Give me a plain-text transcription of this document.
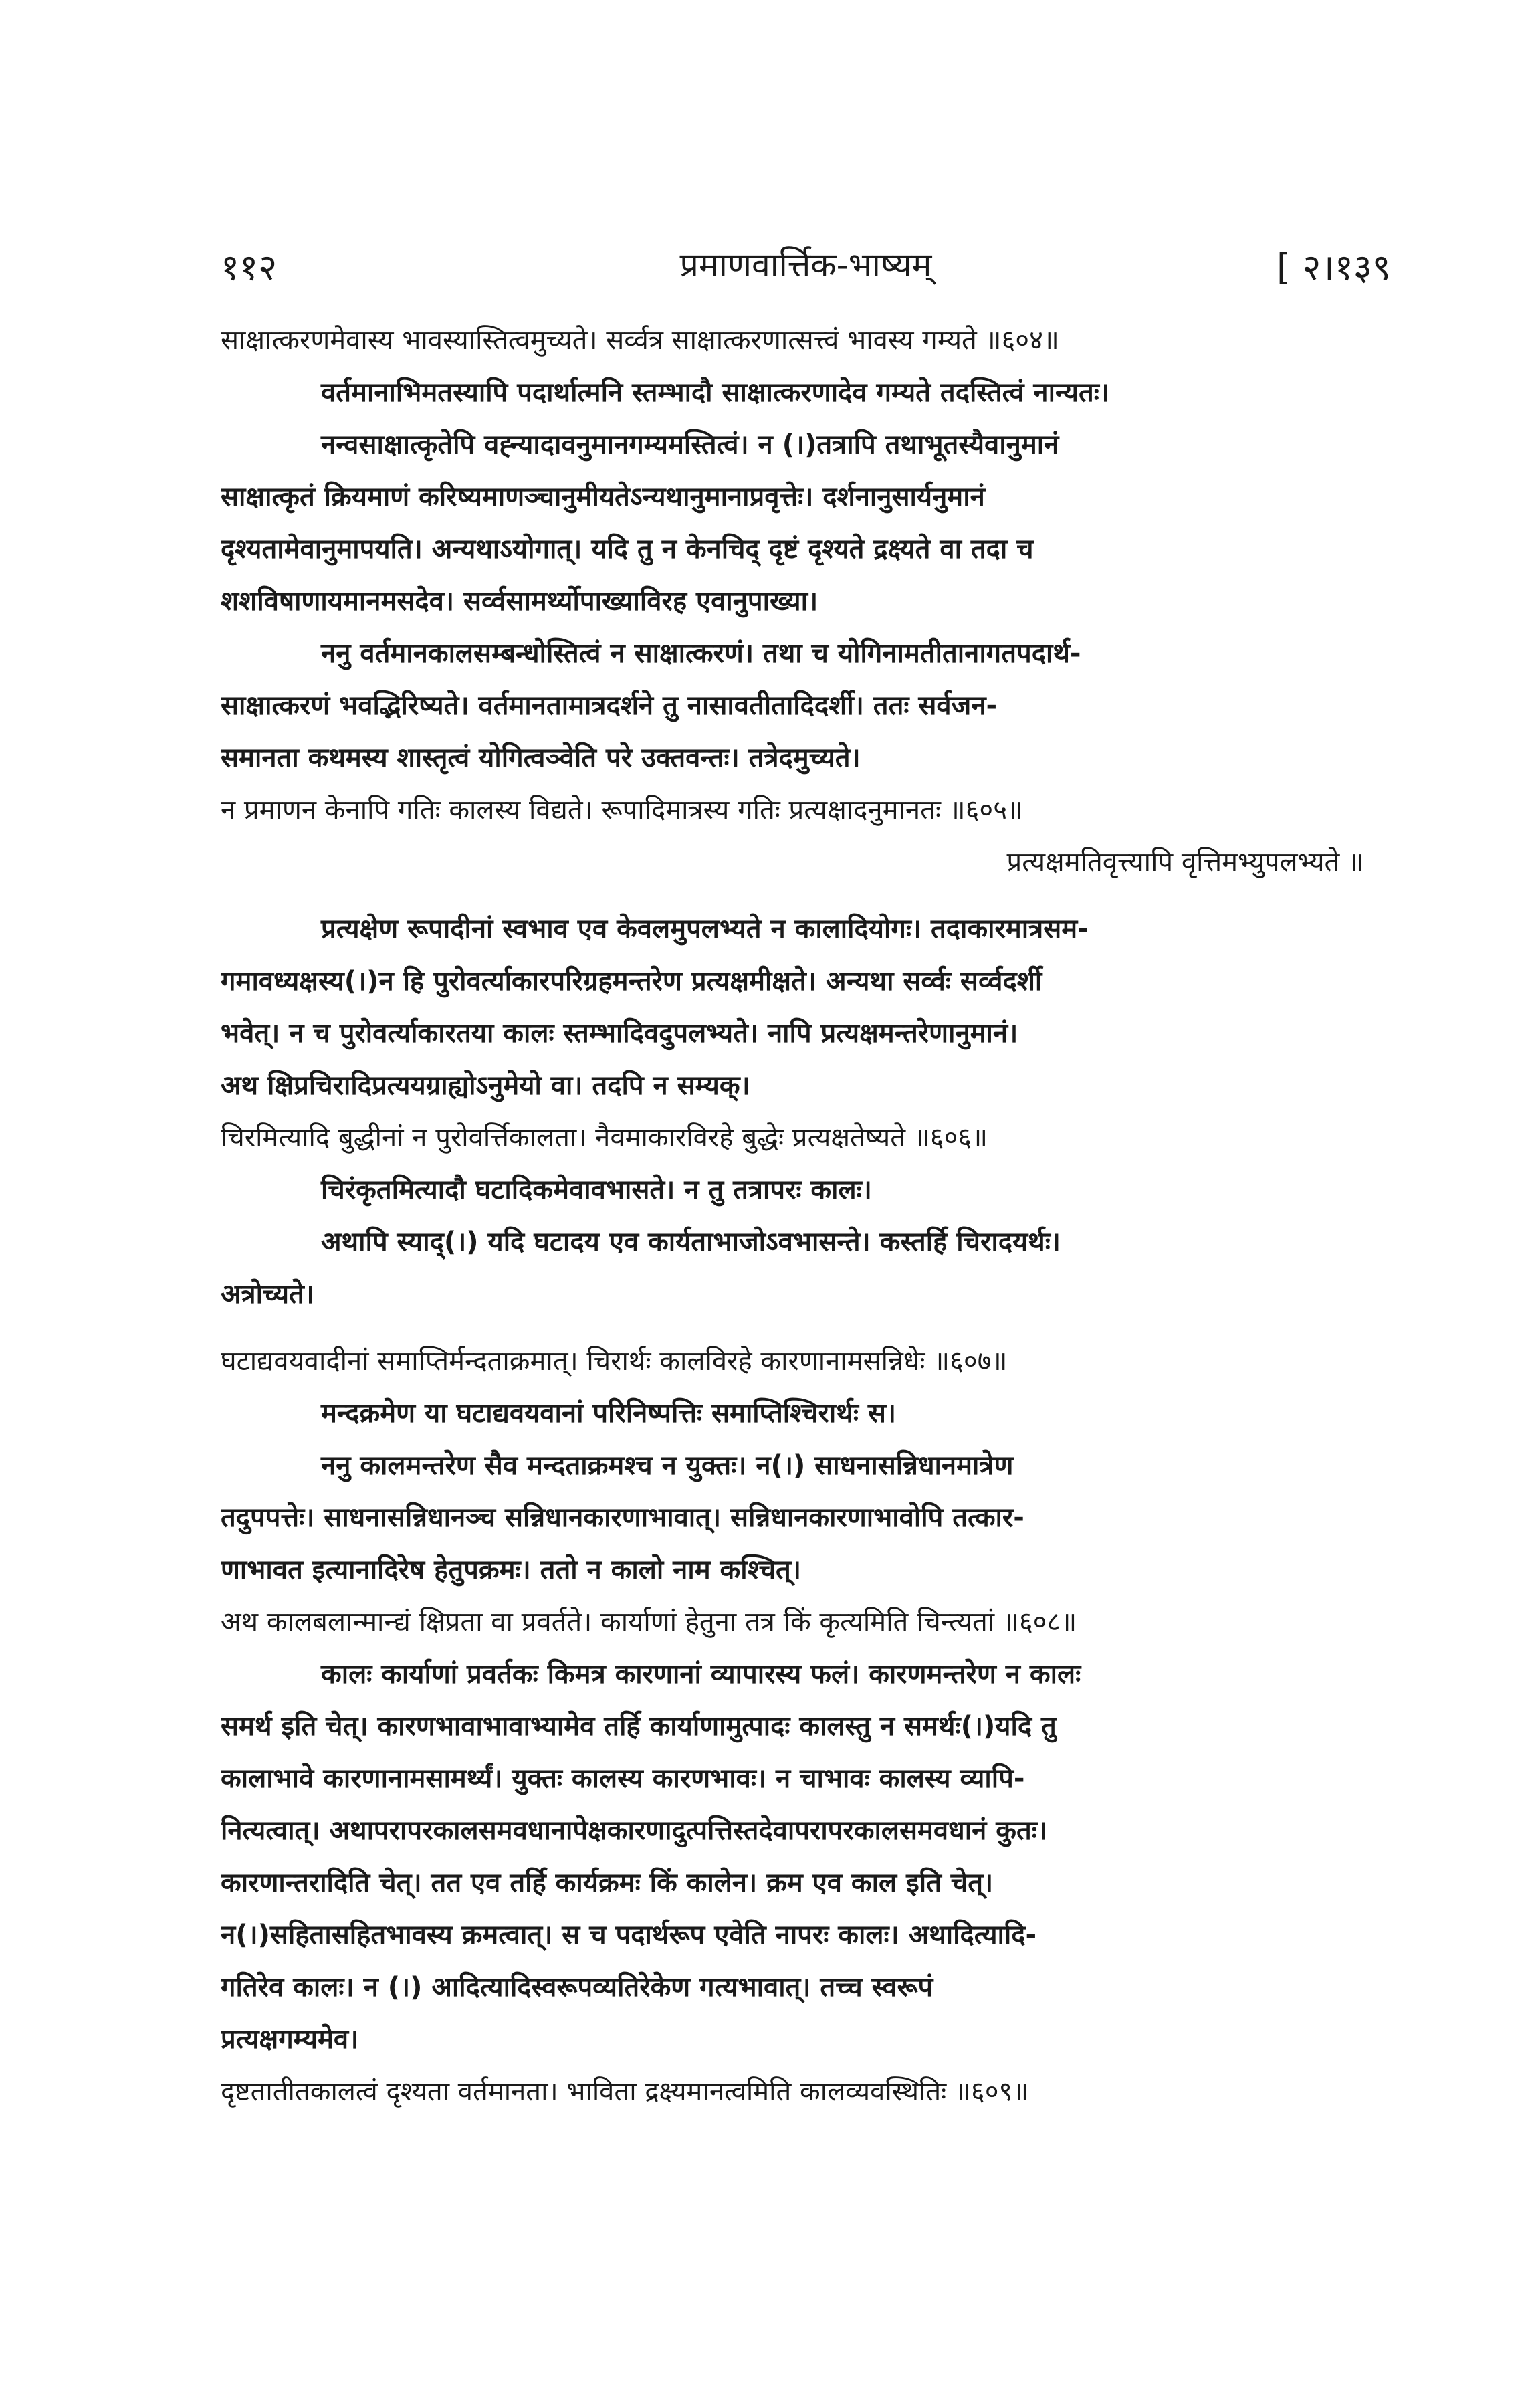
११२	प्रमाणवार्त्तिक-भाष्यम्	[ २।१३९
साक्षात्करणमेवास्य भावस्यास्तित्वमुच्यते। सर्व्वत्र साक्षात्करणात्सत्त्वं भावस्य गम्यते ॥६०४॥
वर्तमानाभिमतस्यापि पदार्थात्मनि स्तम्भादौ साक्षात्करणादेव गम्यते तदस्तित्वं नान्यतः।
नन्वसाक्षात्कृतेपि वह्न्यादावनुमानगम्यमस्तित्वं। न (।)तत्रापि तथाभूतस्यैवानुमानं
साक्षात्कृतं क्रियमाणं करिष्यमाणञ्चानुमीयतेऽन्यथानुमानाप्रवृत्तेः। दर्शनानुसार्यनुमानं
दृश्यतामेवानुमापयति। अन्यथाऽयोगात्। यदि तु न केनचिद् दृष्टं दृश्यते द्रक्ष्यते वा तदा च
शशविषाणायमानमसदेव। सर्व्वसामर्थ्योपाख्याविरह एवानुपाख्या।
ननु वर्तमानकालसम्बन्धोस्तित्वं न साक्षात्करणं। तथा च योगिनामतीतानागतपदार्थ-
साक्षात्करणं भवद्भिरिष्यते। वर्तमानतामात्रदर्शने तु नासावतीतादिदर्शी। ततः सर्वजन-
समानता कथमस्य शास्तृत्वं योगित्वञ्वेति परे उक्तवन्तः। तत्रेदमुच्यते।
न प्रमाणन केनापि गतिः कालस्य विद्यते। रूपादिमात्रस्य गतिः प्रत्यक्षादनुमानतः ॥६०५॥
प्रत्यक्षमतिवृत्त्यापि वृत्तिमभ्युपलभ्यते ॥
प्रत्यक्षेण रूपादीनां स्वभाव एव केवलमुपलभ्यते न कालादियोगः। तदाकारमात्रसम-
गमावध्यक्षस्य(।)न हि पुरोवर्त्याकारपरिग्रहमन्तरेण प्रत्यक्षमीक्षते। अन्यथा सर्व्वः सर्व्वदर्शी
भवेत्। न च पुरोवर्त्याकारतया कालः स्तम्भादिवदुपलभ्यते। नापि प्रत्यक्षमन्तरेणानुमानं।
अथ क्षिप्रचिरादिप्रत्ययग्राह्योऽनुमेयो वा। तदपि न सम्यक्।
चिरमित्यादि बुद्धीनां न पुरोवर्त्तिकालता। नैवमाकारविरहे बुद्धेः प्रत्यक्षतेष्यते ॥६०६॥
चिरंकृतमित्यादौ घटादिकमेवावभासते। न तु तत्रापरः कालः।
अथापि स्याद्(।) यदि घटादय एव कार्यताभाजोऽवभासन्ते। कस्तर्हि चिरादयर्थः।
अत्रोच्यते।
घटाद्यवयवादीनां समाप्तिर्मन्दताक्रमात्। चिरार्थः कालविरहे कारणानामसन्निधेः ॥६०७॥
मन्दक्रमेण या घटाद्यवयवानां परिनिष्पत्तिः समाप्तिश्चिरार्थः स।
ननु कालमन्तरेण सैव मन्दताक्रमश्च न युक्तः। न(।) साधनासन्निधानमात्रेण
तदुपपत्तेः। साधनासन्निधानञ्च सन्निधानकारणाभावात्। सन्निधानकारणाभावोपि तत्कार-
णाभावत इत्यानादिरेष हेतुपक्रमः। ततो न कालो नाम कश्चित्।
अथ कालबलान्मान्द्यं क्षिप्रता वा प्रवर्तते। कार्याणां हेतुना तत्र किं कृत्यमिति चिन्त्यतां ॥६०८॥
कालः कार्याणां प्रवर्तकः किमत्र कारणानां व्यापारस्य फलं। कारणमन्तरेण न कालः
समर्थ इति चेत्। कारणभावाभावाभ्यामेव तर्हि कार्याणामुत्पादः कालस्तु न समर्थः(।)यदि तु
कालाभावे कारणानामसामर्थ्यं। युक्तः कालस्य कारणभावः। न चाभावः कालस्य व्यापि-
नित्यत्वात्। अथापरापरकालसमवधानापेक्षकारणादुत्पत्तिस्तदेवापरापरकालसमवधानं कुतः।
कारणान्तरादिति चेत्। तत एव तर्हि कार्यक्रमः किं कालेन। क्रम एव काल इति चेत्।
न(।)सहितासहितभावस्य क्रमत्वात्। स च पदार्थरूप एवेति नापरः कालः। अथादित्यादि-
गतिरेव कालः। न (।) आदित्यादिस्वरूपव्यतिरेकेण गत्यभावात्। तच्च स्वरूपं
प्रत्यक्षगम्यमेव।
दृष्टतातीतकालत्वं दृश्यता वर्तमानता। भाविता द्रक्ष्यमानत्वमिति कालव्यवस्थितिः ॥६०९॥
